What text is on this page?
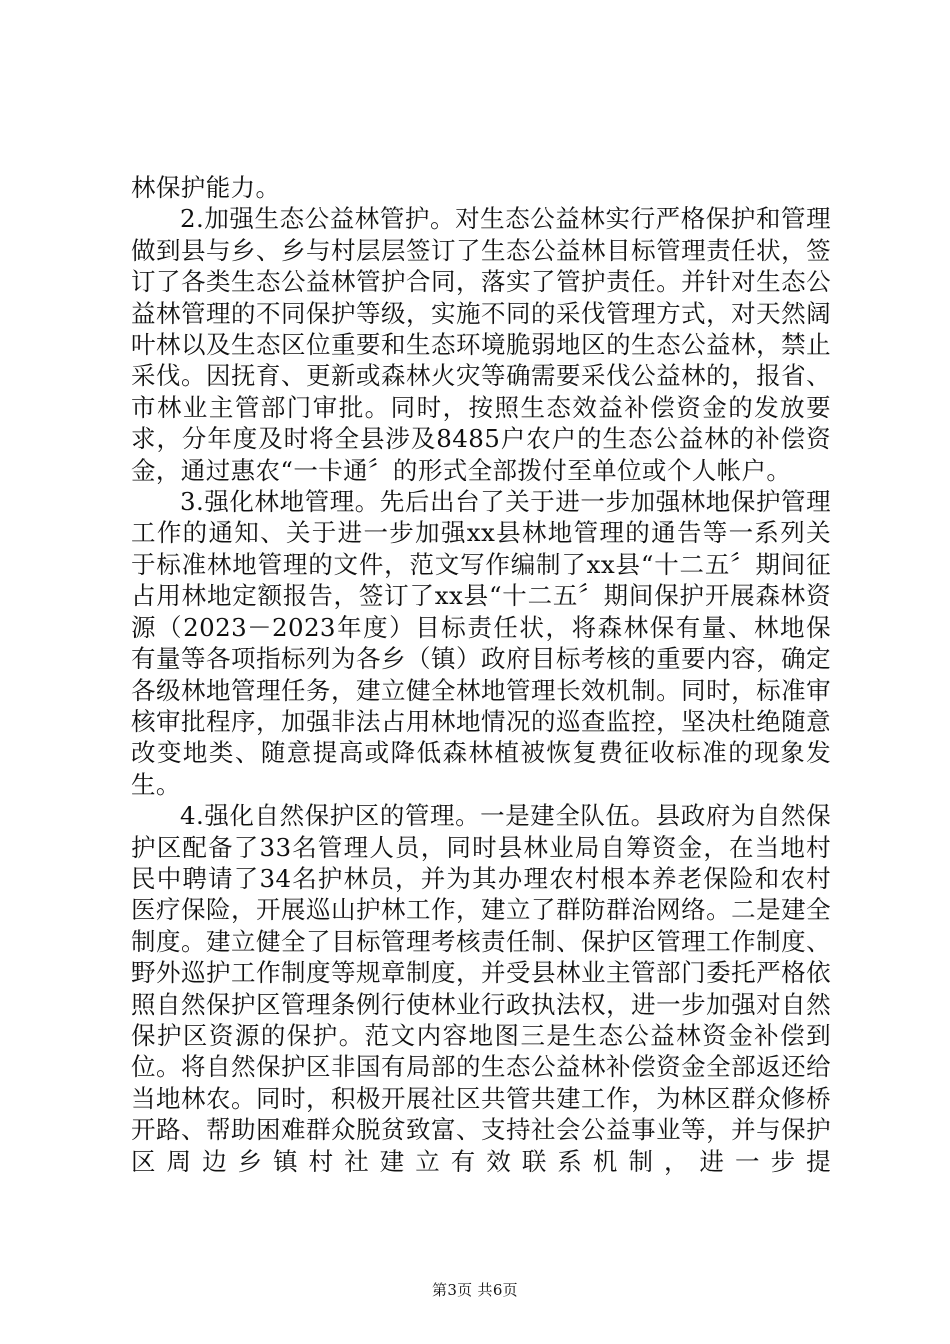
林保护能力。

2.加强生态公益林管护。对生态公益林实行严格保护和管理做到县与乡、乡与村层层签订了生态公益林目标管理责任状，签订了各类生态公益林管护合同，落实了管护责任。并针对生态公益林管理的不同保护等级，实施不同的采伐管理方式，对天然阔叶林以及生态区位重要和生态环境脆弱地区的生态公益林，禁止采伐。因抚育、更新或森林火灾等确需要采伐公益林的，报省、市林业主管部门审批。同时，按照生态效益补偿资金的发放要求，分年度及时将全县涉及8485户农户的生态公益林的补偿资金，通过惠农“一卡通〞的形式全部拨付至单位或个人帐户。

3.强化林地管理。先后出台了关于进一步加强林地保护管理工作的通知、关于进一步加强xx县林地管理的通告等一系列关于标准林地管理的文件，范文写作编制了xx县“十二五〞期间征占用林地定额报告，签订了xx县“十二五〞期间保护开展森林资源（2023－2023年度）目标责任状，将森林保有量、林地保有量等各项指标列为各乡（镇）政府目标考核的重要内容，确定各级林地管理任务，建立健全林地管理长效机制。同时，标准审核审批程序，加强非法占用林地情况的巡查监控，坚决杜绝随意改变地类、随意提高或降低森林植被恢复费征收标准的现象发生。

4.强化自然保护区的管理。一是建全队伍。县政府为自然保护区配备了33名管理人员，同时县林业局自筹资金，在当地村民中聘请了34名护林员，并为其办理农村根本养老保险和农村医疗保险，开展巡山护林工作，建立了群防群治网络。二是建全制度。建立健全了目标管理考核责任制、保护区管理工作制度、野外巡护工作制度等规章制度，并受县林业主管部门委托严格依照自然保护区管理条例行使林业行政执法权，进一步加强对自然保护区资源的保护。范文内容地图三是生态公益林资金补偿到位。将自然保护区非国有局部的生态公益林补偿资金全部返还给当地林农。同时，积极开展社区共管共建工作，为林区群众修桥开路、帮助困难群众脱贫致富、支持社会公益事业等，并与保护区周边乡镇村社建立有效联系机制，进一步提

第3页 共6页
